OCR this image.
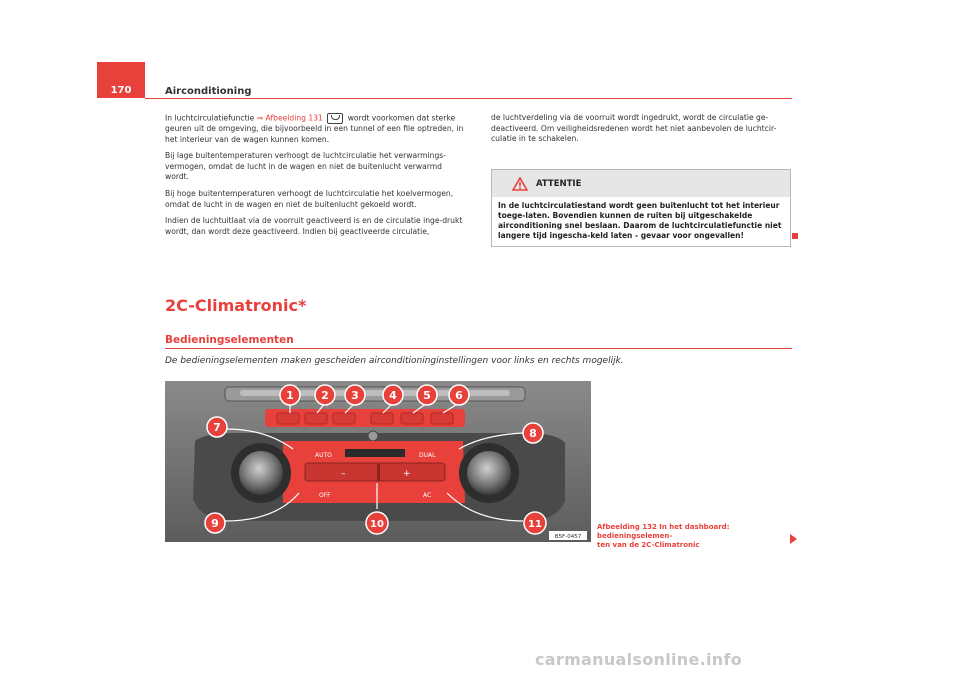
170	Airconditioning

In luchtcirculatiefunctie ⇒ Afbeelding 131	wordt voorkomen dat sterke geuren uit de omgeving, die bijvoorbeeld in een tunnel of een file optreden, in het interieur van de wagen kunnen komen.

Bij lage buitentemperaturen verhoogt de luchtcirculatie het verwarmings-vermogen, omdat de lucht in de wagen en niet de buitenlucht verwarmd wordt.

Bij hoge buitentemperaturen verhoogt de luchtcirculatie het koelvermogen, omdat de lucht in de wagen en niet de buitenlucht gekoeld wordt.

Indien de luchtuitlaat via de voorruit geactiveerd is en de circulatie inge-drukt wordt, dan wordt deze geactiveerd. Indien bij geactiveerde circulatie,

de luchtverdeling via de voorruit wordt ingedrukt, wordt de circulatie ge-deactiveerd. Om veiligheidsredenen wordt het niet aanbevolen de luchtcir-culatie in te schakelen.

ATTENTIE
In de luchtcirculatiestand wordt geen buitenlucht tot het interieur toege-laten. Bovendien kunnen de ruiten bij uitgeschakelde airconditioning snel beslaan. Daarom de luchtcirculatiefunctie niet langere tijd ingescha-keld laten - gevaar voor ongevallen!
2C-Climatronic*
Bedieningselementen
De bedieningselementen maken gescheiden airconditioninginstellingen voor links en rechts mogelijk.
AUTO	DUAL
OFF	AC
–	+
1 2 3	4 5 6
7	8
9	10	11
B5F-0457
Afbeelding 132 In het dashboard: bedieningselemen-
ten van de 2C-Climatronic
carmanualsonline.info
